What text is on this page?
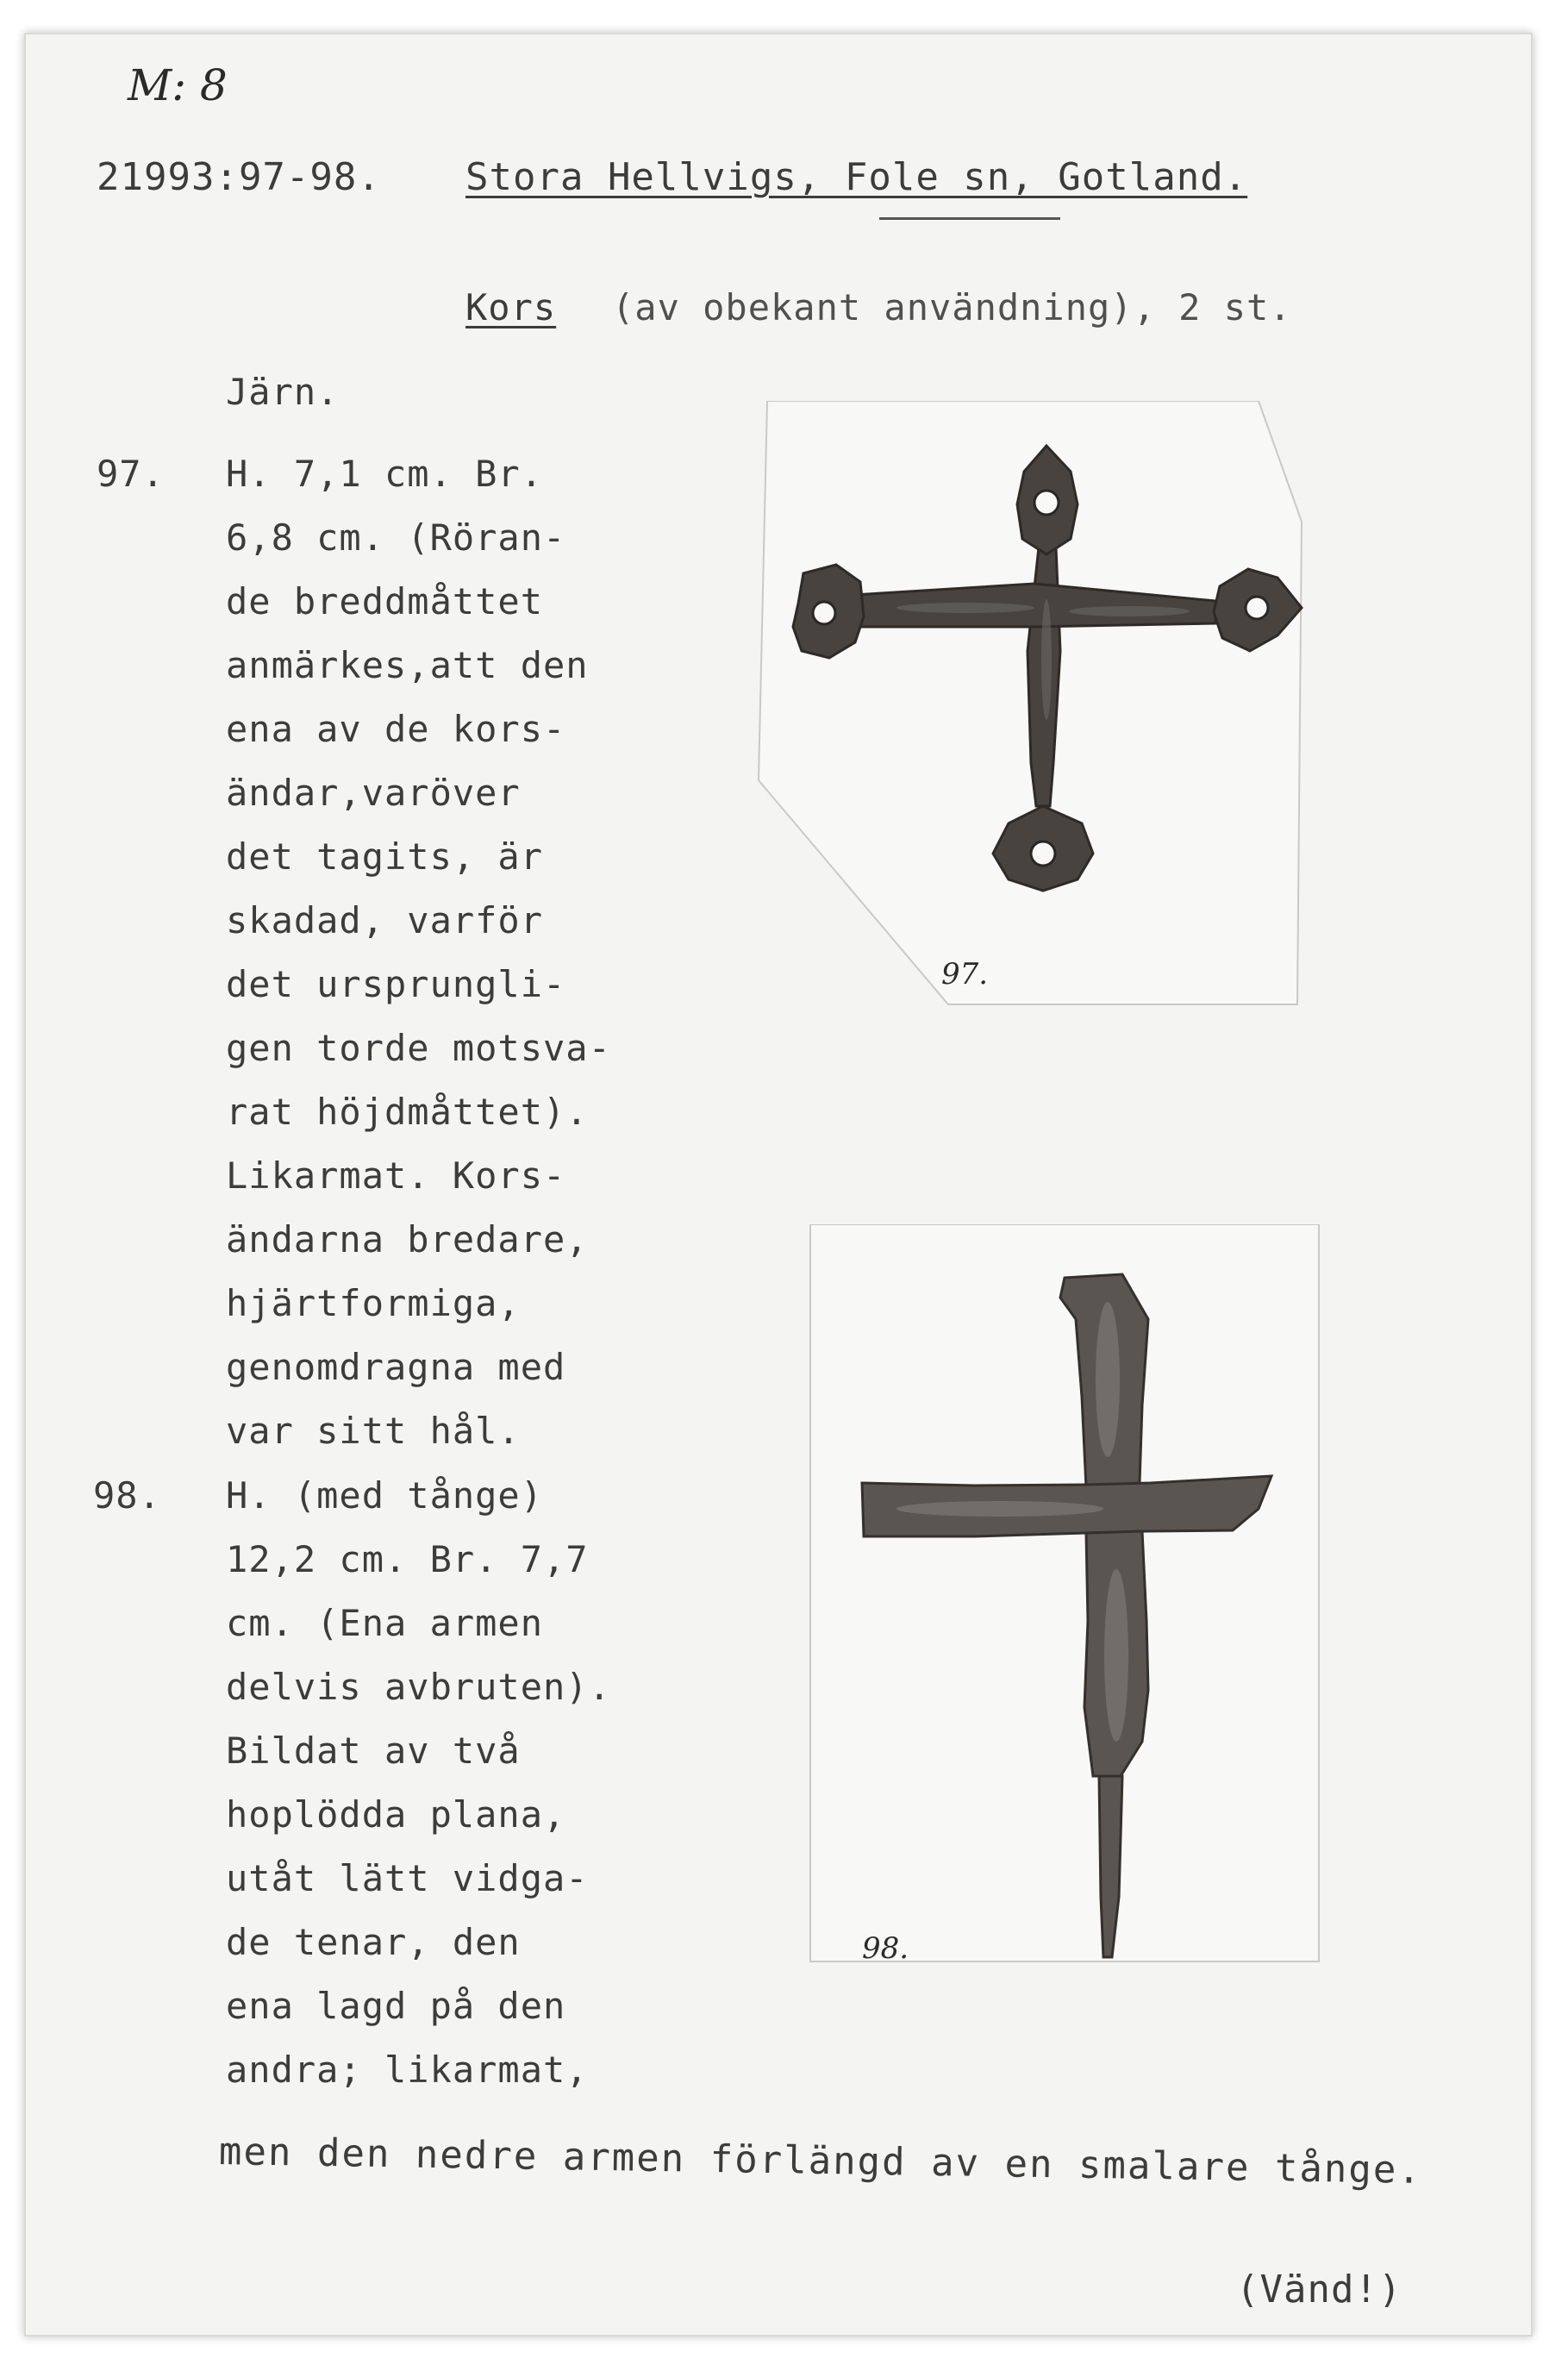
M: 8
21993:97-98. Stora Hellvigs, Fole sn, Gotland.
Kors (av obekant användning), 2 st.
Järn.
97. H. 7,1 cm. Br.
6,8 cm. (Röran-
de breddmåttet
anmärkes,att den
ena av de kors-
ändar,varöver
det tagits, är
skadad, varför
det ursprungli-
gen torde motsva-
rat höjdmåttet).
Likarmat. Kors-
ändarna bredare,
hjärtformiga,
genomdragna med
var sitt hål.
98. H. (med tånge)
12,2 cm. Br. 7,7
cm. (Ena armen
delvis avbruten).
Bildat av två
hoplödda plana,
utåt lätt vidga-
de tenar, den
ena lagd på den
andra; likarmat,
men den nedre armen förlängd av en smalare tånge.
97.
98.
(Vänd!)
